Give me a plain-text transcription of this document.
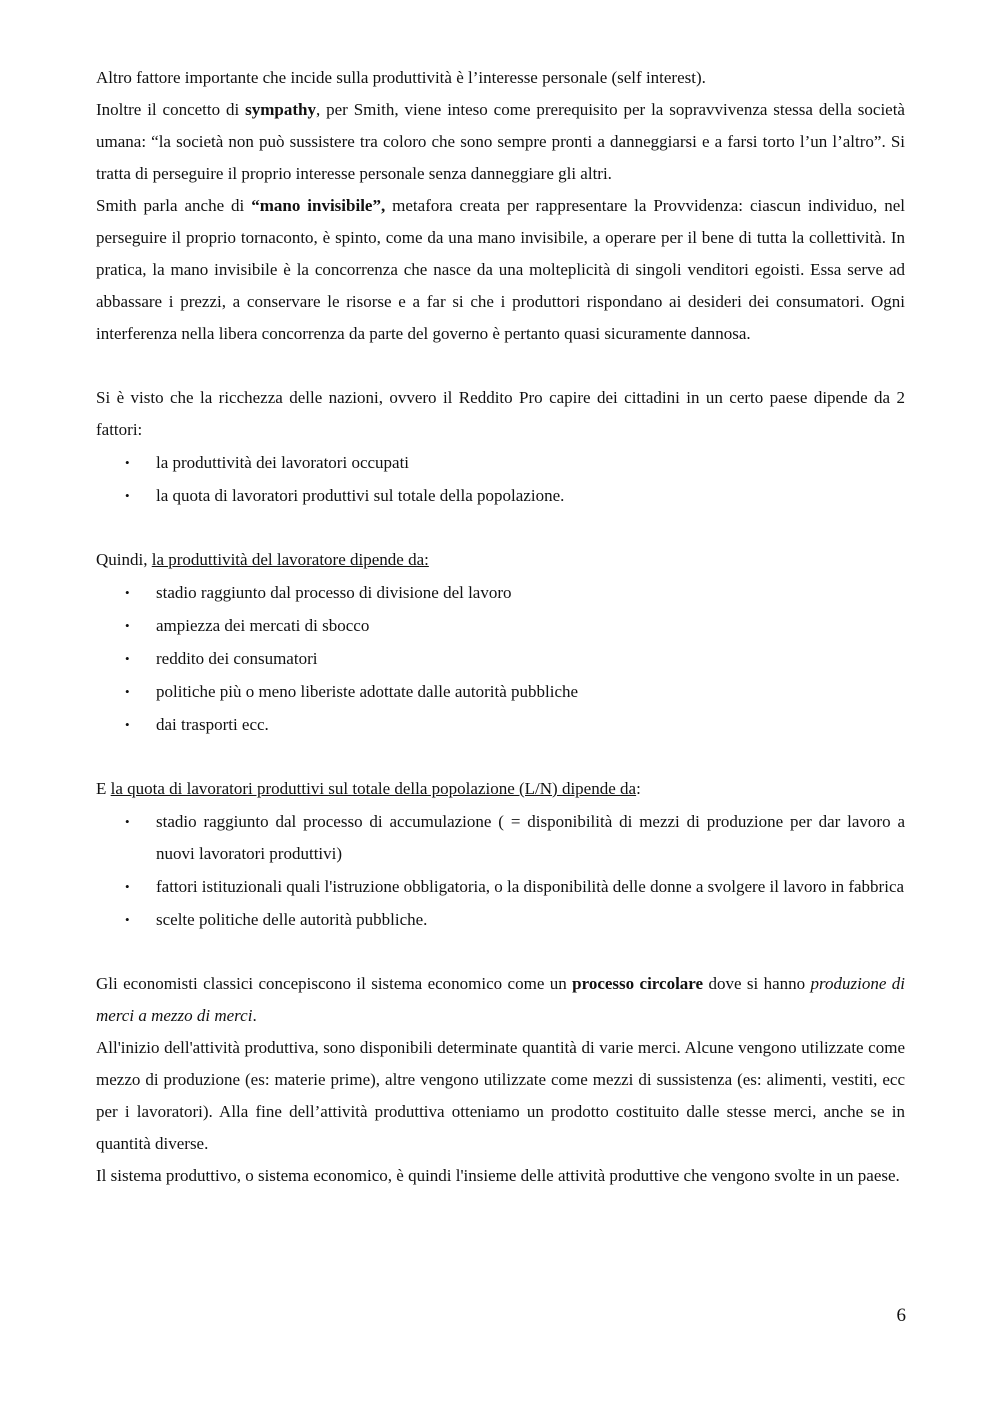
Altro fattore importante che incide sulla produttività è l’interesse personale (self interest).

Inoltre il concetto di sympathy, per Smith, viene inteso come prerequisito per la sopravvivenza stessa della società umana: “la società non può sussistere tra coloro che sono sempre pronti a danneggiarsi e a farsi torto l’un l’altro”. Si tratta di perseguire il proprio interesse personale senza danneggiare gli altri.

Smith parla anche di “mano invisibile”, metafora creata per rappresentare la Provvidenza: ciascun individuo, nel perseguire il proprio tornaconto, è spinto, come da una mano invisibile, a operare per il bene di tutta la collettività. In pratica, la mano invisibile è la concorrenza che nasce da una molteplicità di singoli venditori egoisti. Essa serve ad abbassare i prezzi, a conservare le risorse e a far si che i produttori rispondano ai desideri dei consumatori. Ogni interferenza nella libera concorrenza da parte del governo è pertanto quasi sicuramente dannosa.

Si è visto che la ricchezza delle nazioni, ovvero il Reddito Pro capire dei cittadini in un certo paese dipende da 2 fattori:

• la produttività dei lavoratori occupati
• la quota di lavoratori produttivi sul totale della popolazione.

Quindi, la produttività del lavoratore dipende da:

• stadio raggiunto dal processo di divisione del lavoro
• ampiezza dei mercati di sbocco
• reddito dei consumatori
• politiche più o meno liberiste adottate dalle autorità pubbliche
• dai trasporti ecc.

E la quota di lavoratori produttivi sul totale della popolazione (L/N) dipende da:

• stadio raggiunto dal processo di accumulazione ( = disponibilità di mezzi di produzione per dar lavoro a nuovi lavoratori produttivi)
• fattori istituzionali quali l'istruzione obbligatoria, o la disponibilità delle donne a svolgere il lavoro in fabbrica
• scelte politiche delle autorità pubbliche.

Gli economisti classici concepiscono il sistema economico come un processo circolare dove si hanno produzione di merci a mezzo di merci.

All'inizio dell'attività produttiva, sono disponibili determinate quantità di varie merci. Alcune vengono utilizzate come mezzo di produzione (es: materie prime), altre vengono utilizzate come mezzi di sussistenza (es: alimenti, vestiti, ecc per i lavoratori). Alla fine dell’attività produttiva otteniamo un prodotto costituito dalle stesse merci, anche se in quantità diverse.

Il sistema produttivo, o sistema economico, è quindi l'insieme delle attività produttive che vengono svolte in un paese.

6
